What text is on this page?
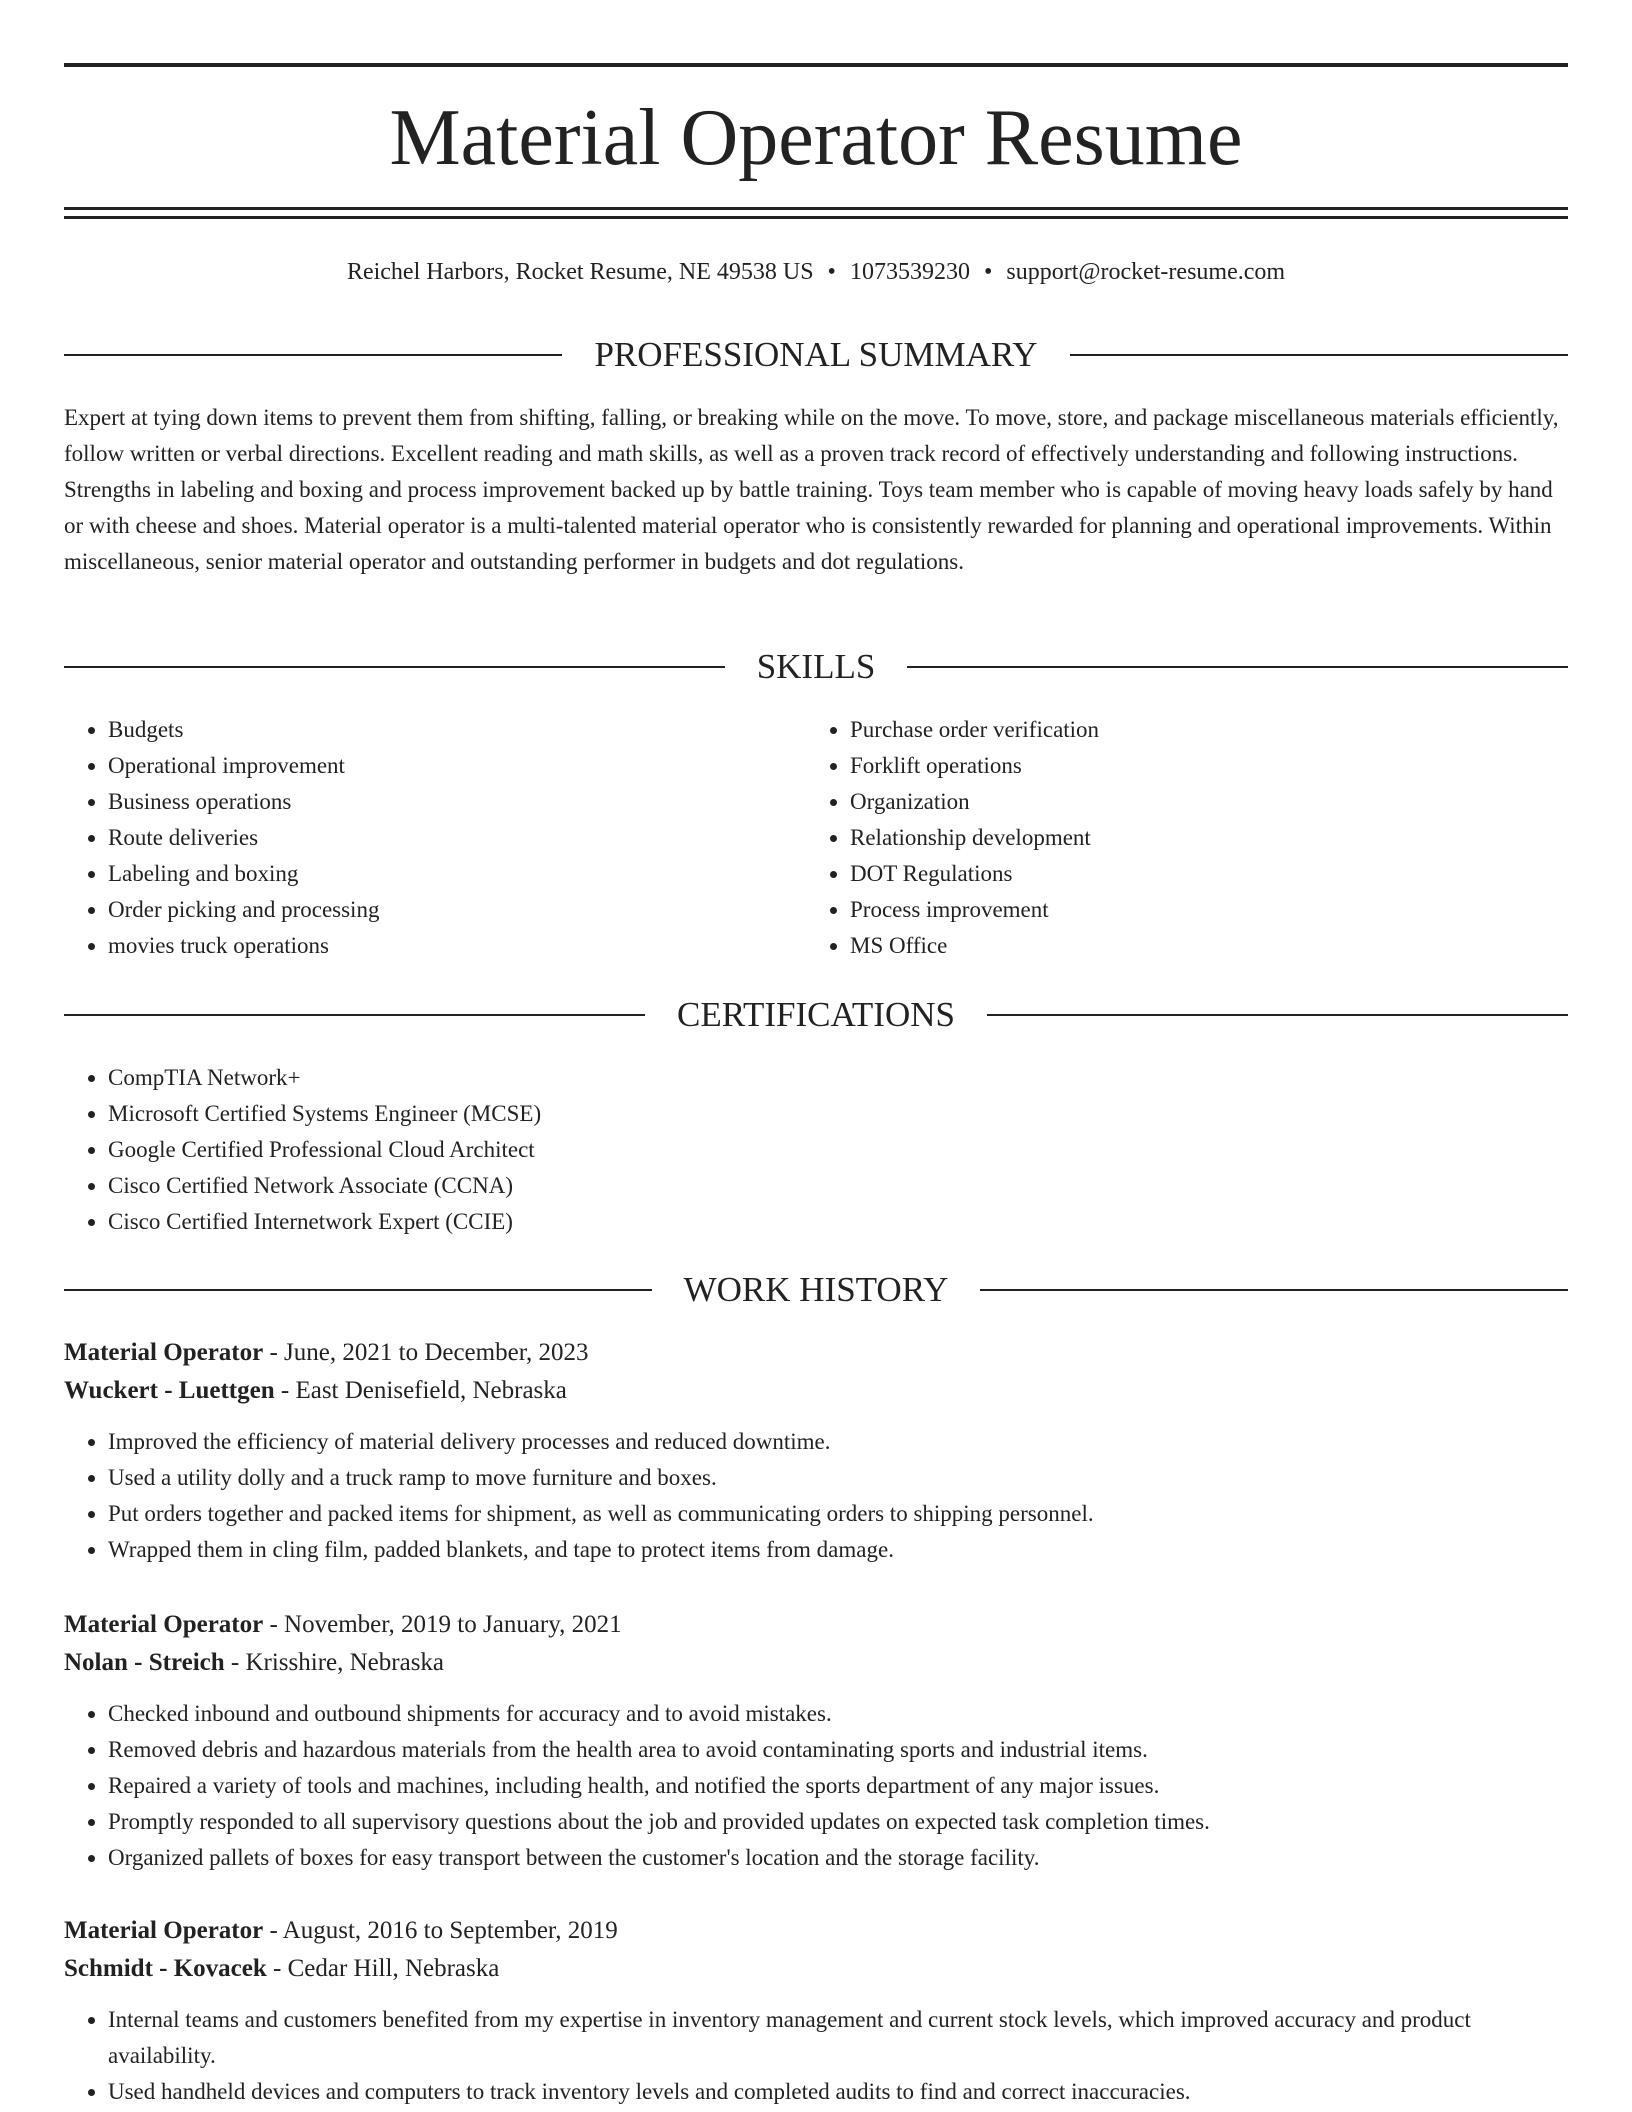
Material Operator Resume
Reichel Harbors, Rocket Resume, NE 49538 US • 1073539230 • support@rocket-resume.com
PROFESSIONAL SUMMARY

Expert at tying down items to prevent them from shifting, falling, or breaking while on the move. To move, store, and package miscellaneous materials efficiently, follow written or verbal directions. Excellent reading and math skills, as well as a proven track record of effectively understanding and following instructions. Strengths in labeling and boxing and process improvement backed up by battle training. Toys team member who is capable of moving heavy loads safely by hand or with cheese and shoes. Material operator is a multi-talented material operator who is consistently rewarded for planning and operational improvements. Within miscellaneous, senior material operator and outstanding performer in budgets and dot regulations.

SKILLS
• Budgets
• Operational improvement
• Business operations
• Route deliveries
• Labeling and boxing
• Order picking and processing
• movies truck operations
• Purchase order verification
• Forklift operations
• Organization
• Relationship development
• DOT Regulations
• Process improvement
• MS Office
CERTIFICATIONS
• CompTIA Network+
• Microsoft Certified Systems Engineer (MCSE)
• Google Certified Professional Cloud Architect
• Cisco Certified Network Associate (CCNA)
• Cisco Certified Internetwork Expert (CCIE)
WORK HISTORY
Material Operator - June, 2021 to December, 2023
Wuckert - Luettgen - East Denisefield, Nebraska
• Improved the efficiency of material delivery processes and reduced downtime.
• Used a utility dolly and a truck ramp to move furniture and boxes.
• Put orders together and packed items for shipment, as well as communicating orders to shipping personnel.
• Wrapped them in cling film, padded blankets, and tape to protect items from damage.
Material Operator - November, 2019 to January, 2021
Nolan - Streich - Krisshire, Nebraska
• Checked inbound and outbound shipments for accuracy and to avoid mistakes.
• Removed debris and hazardous materials from the health area to avoid contaminating sports and industrial items.
• Repaired a variety of tools and machines, including health, and notified the sports department of any major issues.
• Promptly responded to all supervisory questions about the job and provided updates on expected task completion times.
• Organized pallets of boxes for easy transport between the customer's location and the storage facility.
Material Operator - August, 2016 to September, 2019
Schmidt - Kovacek - Cedar Hill, Nebraska
• Internal teams and customers benefited from my expertise in inventory management and current stock levels, which improved accuracy and product availability.
• Used handheld devices and computers to track inventory levels and completed audits to find and correct inaccuracies.
